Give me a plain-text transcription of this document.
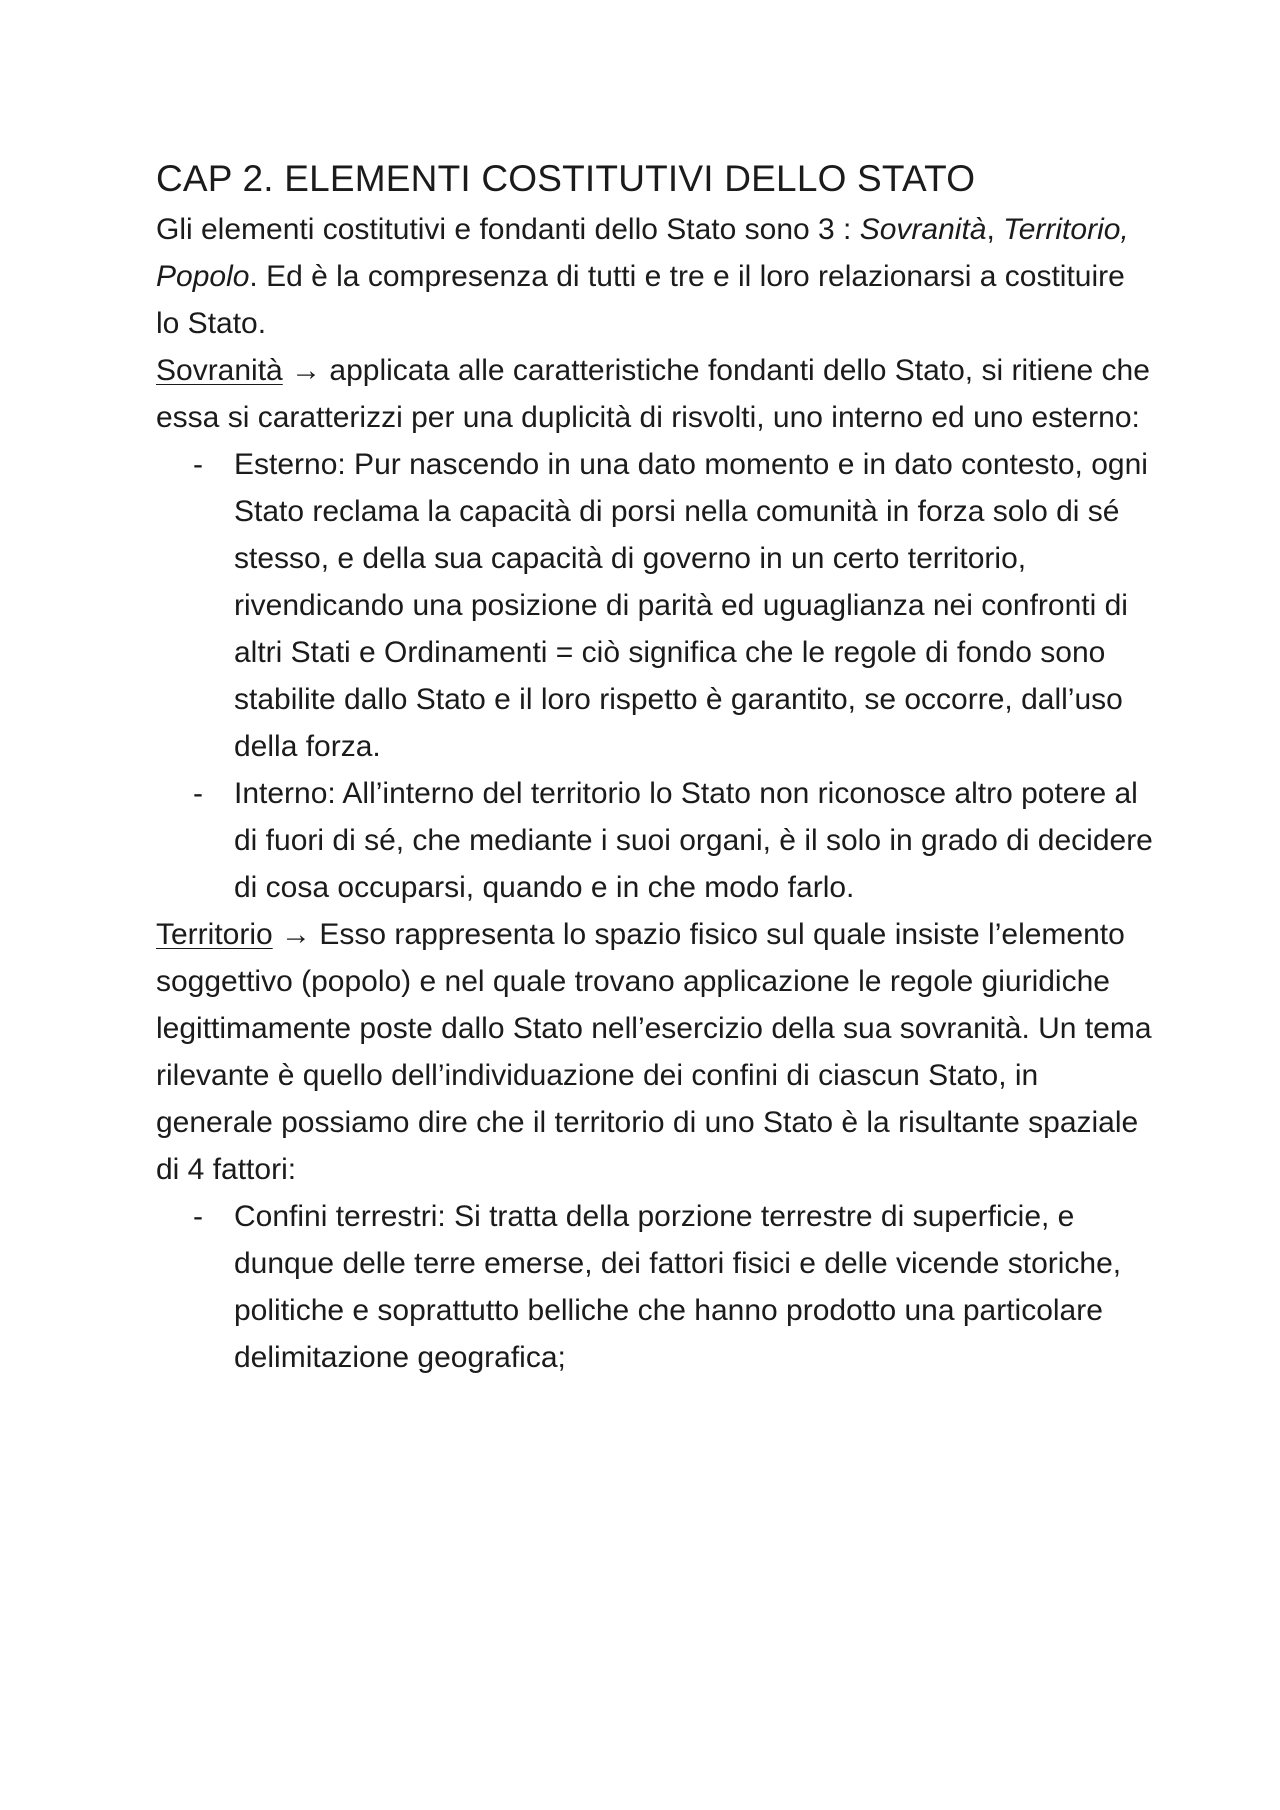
CAP 2. ELEMENTI COSTITUTIVI DELLO STATO

Gli elementi costitutivi e fondanti dello Stato sono 3 : Sovranità, Territorio, Popolo. Ed è la compresenza di tutti e tre e il loro relazionarsi a costituire lo Stato.

Sovranità → applicata alle caratteristiche fondanti dello Stato, si ritiene che essa si caratterizzi per una duplicità di risvolti, uno interno ed uno esterno:

- Esterno: Pur nascendo in una dato momento e in dato contesto, ogni Stato reclama la capacità di porsi nella comunità in forza solo di sé stesso, e della sua capacità di governo in un certo territorio, rivendicando una posizione di parità ed uguaglianza nei confronti di altri Stati e Ordinamenti = ciò significa che le regole di fondo sono stabilite dallo Stato e il loro rispetto è garantito, se occorre, dall’uso della forza.
- Interno: All’interno del territorio lo Stato non riconosce altro potere al di fuori di sé, che mediante i suoi organi, è il solo in grado di decidere di cosa occuparsi, quando e in che modo farlo.

Territorio → Esso rappresenta lo spazio fisico sul quale insiste l’elemento soggettivo (popolo) e nel quale trovano applicazione le regole giuridiche legittimamente poste dallo Stato nell’esercizio della sua sovranità. Un tema rilevante è quello dell’individuazione dei confini di ciascun Stato, in generale possiamo dire che il territorio di uno Stato è la risultante spaziale di 4 fattori:

- Confini terrestri: Si tratta della porzione terrestre di superficie, e dunque delle terre emerse, dei fattori fisici e delle vicende storiche, politiche e soprattutto belliche che hanno prodotto una particolare delimitazione geografica;
